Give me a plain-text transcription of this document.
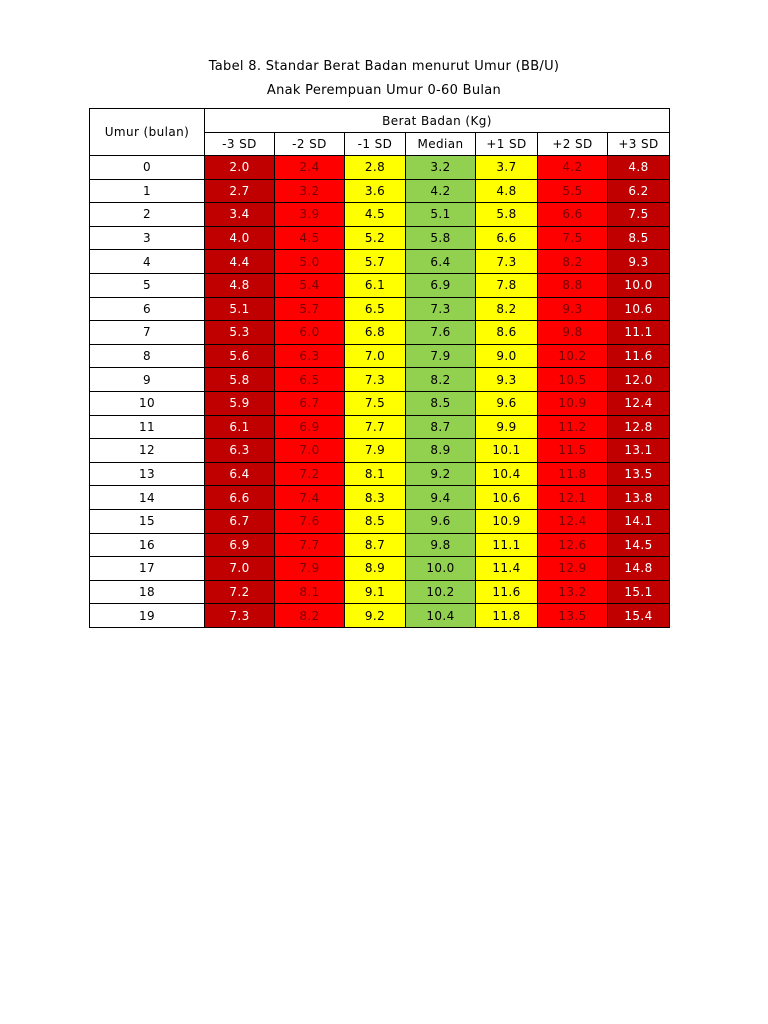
Tabel 8. Standar Berat Badan menurut Umur (BB/U)
Anak Perempuan Umur 0-60 Bulan
Umur (bulan)	Berat Badan (Kg)						
	-3 SD	-2 SD	-1 SD	Median	+1 SD	+2 SD	+3 SD
0	2.0	2.4	2.8	3.2	3.7	4.2	4.8
1	2.7	3.2	3.6	4.2	4.8	5.5	6.2
2	3.4	3.9	4.5	5.1	5.8	6.6	7.5
3	4.0	4.5	5.2	5.8	6.6	7.5	8.5
4	4.4	5.0	5.7	6.4	7.3	8.2	9.3
5	4.8	5.4	6.1	6.9	7.8	8.8	10.0
6	5.1	5.7	6.5	7.3	8.2	9.3	10.6
7	5.3	6.0	6.8	7.6	8.6	9.8	11.1
8	5.6	6.3	7.0	7.9	9.0	10.2	11.6
9	5.8	6.5	7.3	8.2	9.3	10.5	12.0
10	5.9	6.7	7.5	8.5	9.6	10.9	12.4
11	6.1	6.9	7.7	8.7	9.9	11.2	12.8
12	6.3	7.0	7.9	8.9	10.1	11.5	13.1
13	6.4	7.2	8.1	9.2	10.4	11.8	13.5
14	6.6	7.4	8.3	9.4	10.6	12.1	13.8
15	6.7	7.6	8.5	9.6	10.9	12.4	14.1
16	6.9	7.7	8.7	9.8	11.1	12.6	14.5
17	7.0	7.9	8.9	10.0	11.4	12.9	14.8
18	7.2	8.1	9.1	10.2	11.6	13.2	15.1
19	7.3	8.2	9.2	10.4	11.8	13.5	15.4
